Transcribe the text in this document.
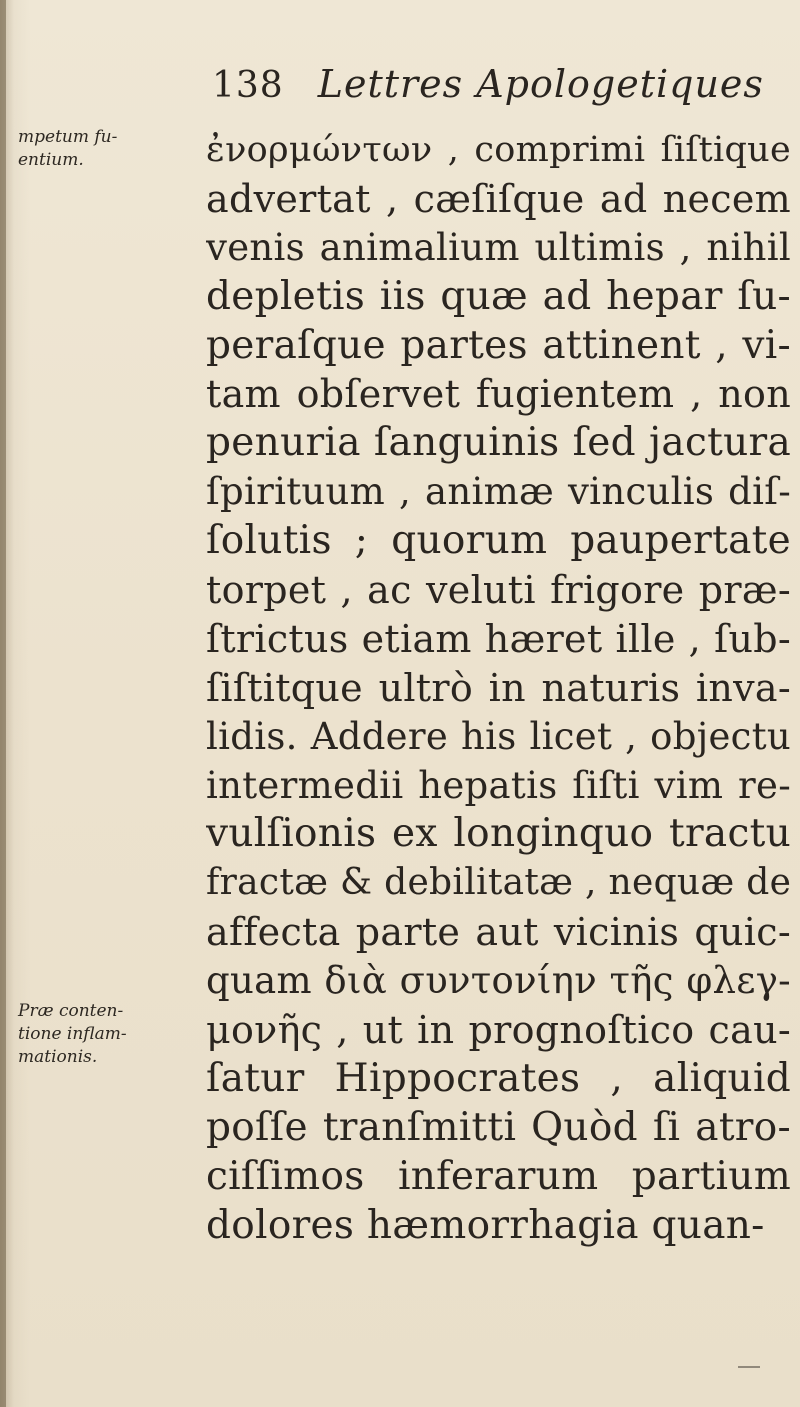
138 Lettres Apologetiques
mpetum fu-
entium.
Præ conten-
tione inflam-
mationis.
ἐνορμώντων , comprimi ſiſtique
advertat , cæſiſque ad necem
venis animalium ultimis , nihil
depletis iis quæ ad hepar ſu-
peraſque partes attinent , vi-
tam obſervet fugientem , non
penuria ſanguinis ſed jactura
ſpirituum , animæ vinculis diſ-
ſolutis ; quorum paupertate
torpet , ac veluti frigore præ-
ſtrictus etiam hæret ille , ſub-
ſiſtitque ultrò in naturis inva-
lidis. Addere his licet , objectu
intermedii hepatis ſiſti vim re-
vulſionis ex longinquo tractu
fractæ & debilitatæ , nequæ de
affecta parte aut vicinis quic-
quam διὰ συντονίην τῆς φλεγ-
μονῆς , ut in prognoſtico cau-
ſatur Hippocrates , aliquid
poſſe tranſmitti Quòd ſi atro-
ciſſimos inferarum partium
dolores hæmorrhagia quan-
